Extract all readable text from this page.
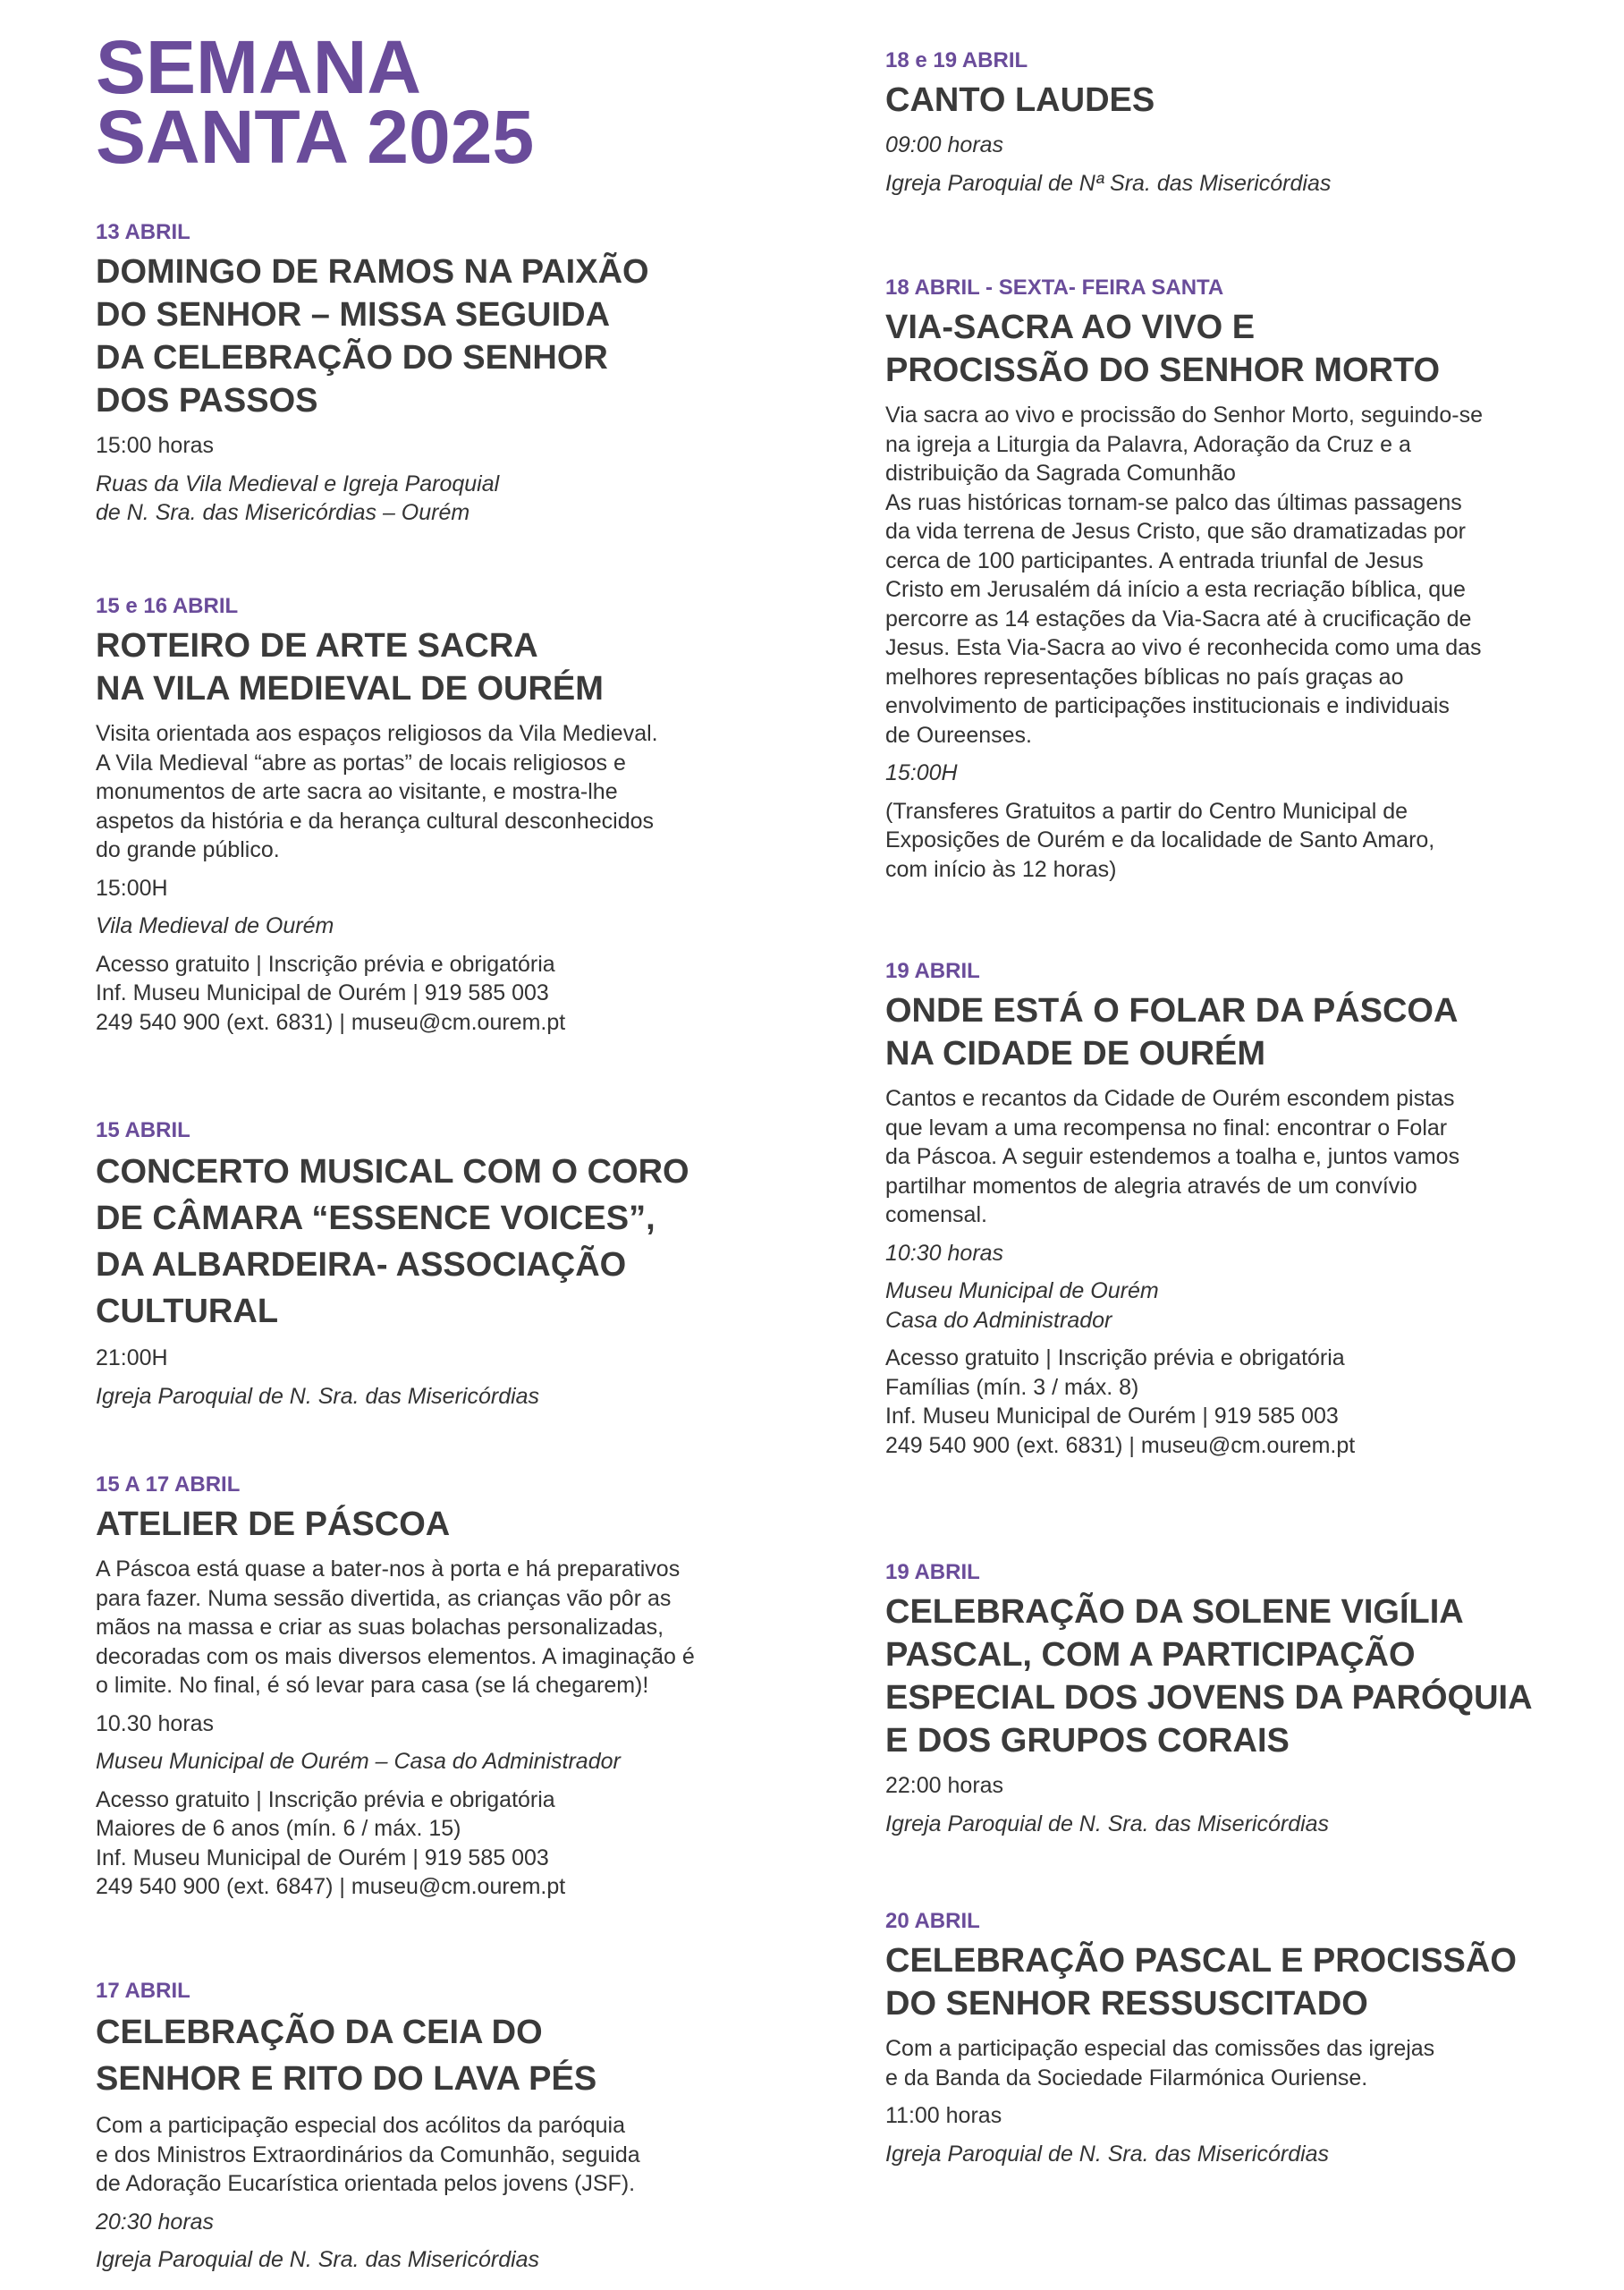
SEMANA
SANTA 2025
13 ABRIL
DOMINGO DE RAMOS NA PAIXÃO
DO SENHOR – MISSA SEGUIDA
DA CELEBRAÇÃO DO SENHOR
DOS PASSOS
15:00 horas
Ruas da Vila Medieval e Igreja Paroquial
de N. Sra. das Misericórdias – Ourém
15 e 16 ABRIL
ROTEIRO DE ARTE SACRA
NA VILA MEDIEVAL DE OURÉM
Visita orientada aos espaços religiosos da Vila Medieval.
A Vila Medieval “abre as portas” de locais religiosos e
monumentos de arte sacra ao visitante, e mostra-lhe
aspetos da história e da herança cultural desconhecidos
do grande público.
15:00H
Vila Medieval de Ourém
Acesso gratuito | Inscrição prévia e obrigatória
Inf. Museu Municipal de Ourém | 919 585 003
249 540 900 (ext. 6831) | museu@cm.ourem.pt
15 ABRIL
CONCERTO MUSICAL COM O CORO
DE CÂMARA “ESSENCE VOICES”,
DA ALBARDEIRA- ASSOCIAÇÃO
CULTURAL
21:00H
Igreja Paroquial de N. Sra. das Misericórdias
15 A 17 ABRIL
ATELIER DE PÁSCOA
A Páscoa está quase a bater-nos à porta e há preparativos
para fazer. Numa sessão divertida, as crianças vão pôr as
mãos na massa e criar as suas bolachas personalizadas,
decoradas com os mais diversos elementos. A imaginação é
o limite. No final, é só levar para casa (se lá chegarem)!
10.30 horas
Museu Municipal de Ourém – Casa do Administrador
Acesso gratuito | Inscrição prévia e obrigatória
Maiores de 6 anos (mín. 6 / máx. 15)
Inf. Museu Municipal de Ourém | 919 585 003
249 540 900 (ext. 6847) | museu@cm.ourem.pt
17 ABRIL
CELEBRAÇÃO DA CEIA DO
SENHOR E RITO DO LAVA PÉS
Com a participação especial dos acólitos da paróquia
e dos Ministros Extraordinários da Comunhão, seguida
de Adoração Eucarística orientada pelos jovens (JSF).
20:30 horas
Igreja Paroquial de N. Sra. das Misericórdias
18 e 19 ABRIL
CANTO LAUDES
09:00 horas
Igreja Paroquial de Nª Sra. das Misericórdias
18 ABRIL - SEXTA- FEIRA SANTA
VIA-SACRA AO VIVO E
PROCISSÃO DO SENHOR MORTO
Via sacra ao vivo e procissão do Senhor Morto, seguindo-se
na igreja a Liturgia da Palavra, Adoração da Cruz e a
distribuição da Sagrada Comunhão
As ruas históricas tornam-se palco das últimas passagens
da vida terrena de Jesus Cristo, que são dramatizadas por
cerca de 100 participantes. A entrada triunfal de Jesus
Cristo em Jerusalém dá início a esta recriação bíblica, que
percorre as 14 estações da Via-Sacra até à crucificação de
Jesus. Esta Via-Sacra ao vivo é reconhecida como uma das
melhores representações bíblicas no país graças ao
envolvimento de participações institucionais e individuais
de Oureenses.
15:00H
(Transferes Gratuitos a partir do Centro Municipal de
Exposições de Ourém e da localidade de Santo Amaro,
com início às 12 horas)
19 ABRIL
ONDE ESTÁ O FOLAR DA PÁSCOA
NA CIDADE DE OURÉM
Cantos e recantos da Cidade de Ourém escondem pistas
que levam a uma recompensa no final: encontrar o Folar
da Páscoa. A seguir estendemos a toalha e, juntos vamos
partilhar momentos de alegria através de um convívio
comensal.
10:30 horas
Museu Municipal de Ourém
Casa do Administrador
Acesso gratuito | Inscrição prévia e obrigatória
Famílias (mín. 3 / máx. 8)
Inf. Museu Municipal de Ourém | 919 585 003
249 540 900 (ext. 6831) | museu@cm.ourem.pt
19 ABRIL
CELEBRAÇÃO DA SOLENE VIGÍLIA
PASCAL, COM A PARTICIPAÇÃO
ESPECIAL DOS JOVENS DA PARÓQUIA
E DOS GRUPOS CORAIS
22:00 horas
Igreja Paroquial de N. Sra. das Misericórdias
20 ABRIL
CELEBRAÇÃO PASCAL E PROCISSÃO
DO SENHOR RESSUSCITADO
Com a participação especial das comissões das igrejas
e da Banda da Sociedade Filarmónica Ouriense.
11:00 horas
Igreja Paroquial de N. Sra. das Misericórdias
